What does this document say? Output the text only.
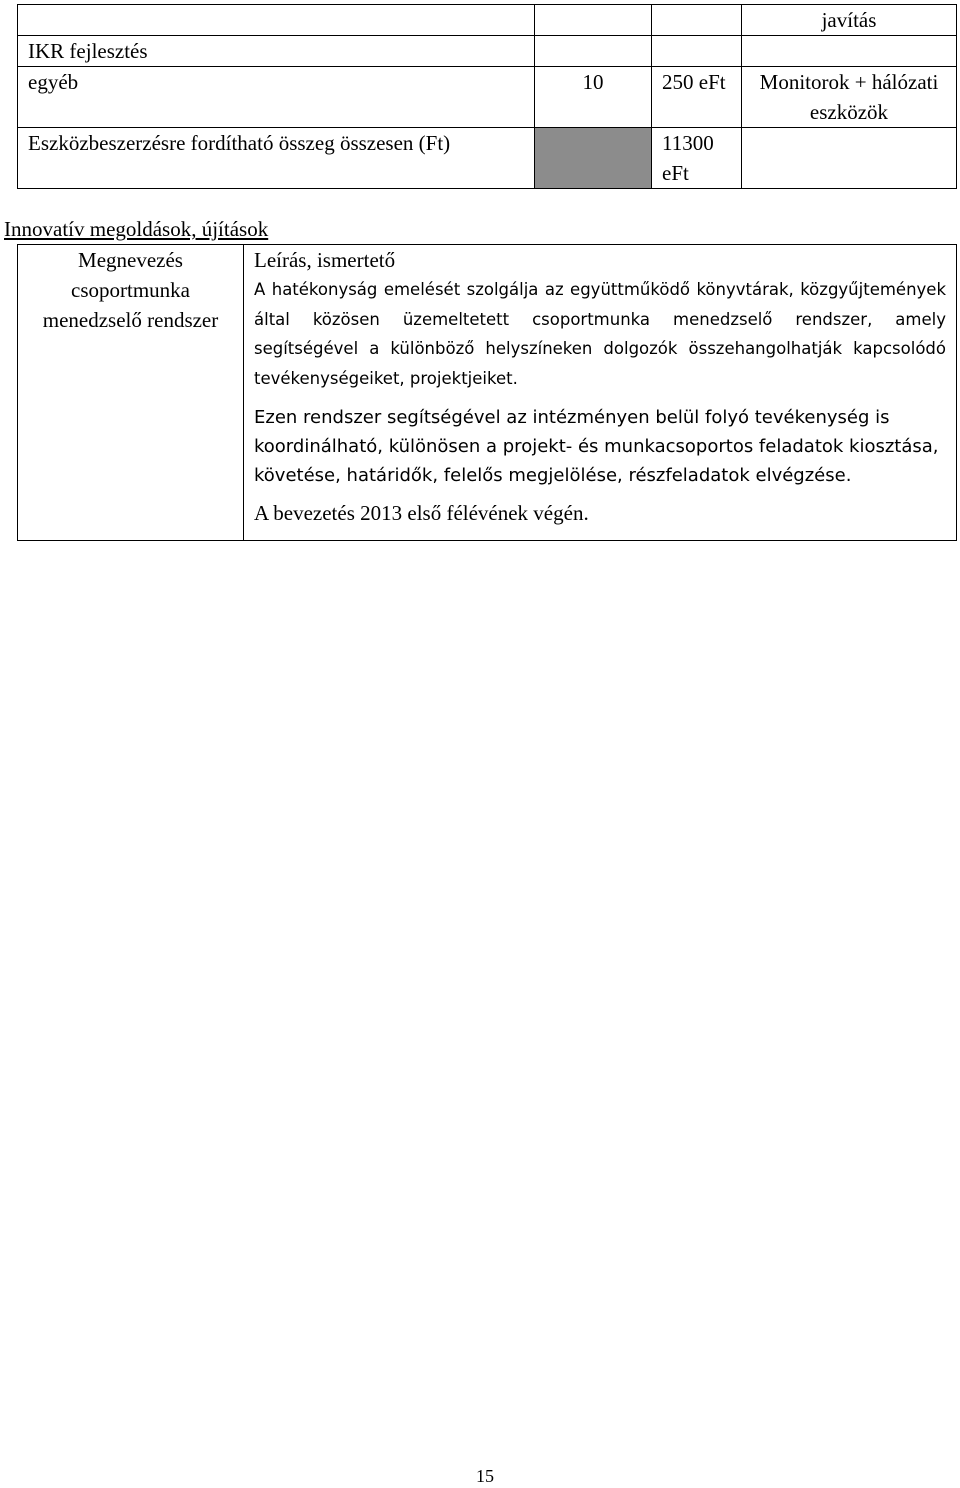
			javítás
IKR fejlesztés			
egyéb	10	250 eFt	Monitorok + hálózati eszközök
Eszközbeszerzésre fordítható összeg összesen (Ft)		11300 eFt	
Innovatív megoldások, újítások
Megnevezés
csoportmunka menedzselő rendszer

Leírás, ismertető

A hatékonyság emelését szolgálja az együttműködő könyvtárak, közgyűjtemények által közösen üzemeltetett csoportmunka menedzselő rendszer, amely segítségével a különböző helyszíneken dolgozók összehangolhatják kapcsolódó tevékenységeiket, projektjeiket.

Ezen rendszer segítségével az intézményen belül folyó tevékenység is koordinálható, különösen a projekt- és munkacsoportos feladatok kiosztása, követése, határidők, felelős megjelölése, részfeladatok elvégzése.

A bevezetés 2013 első félévének végén.

15
